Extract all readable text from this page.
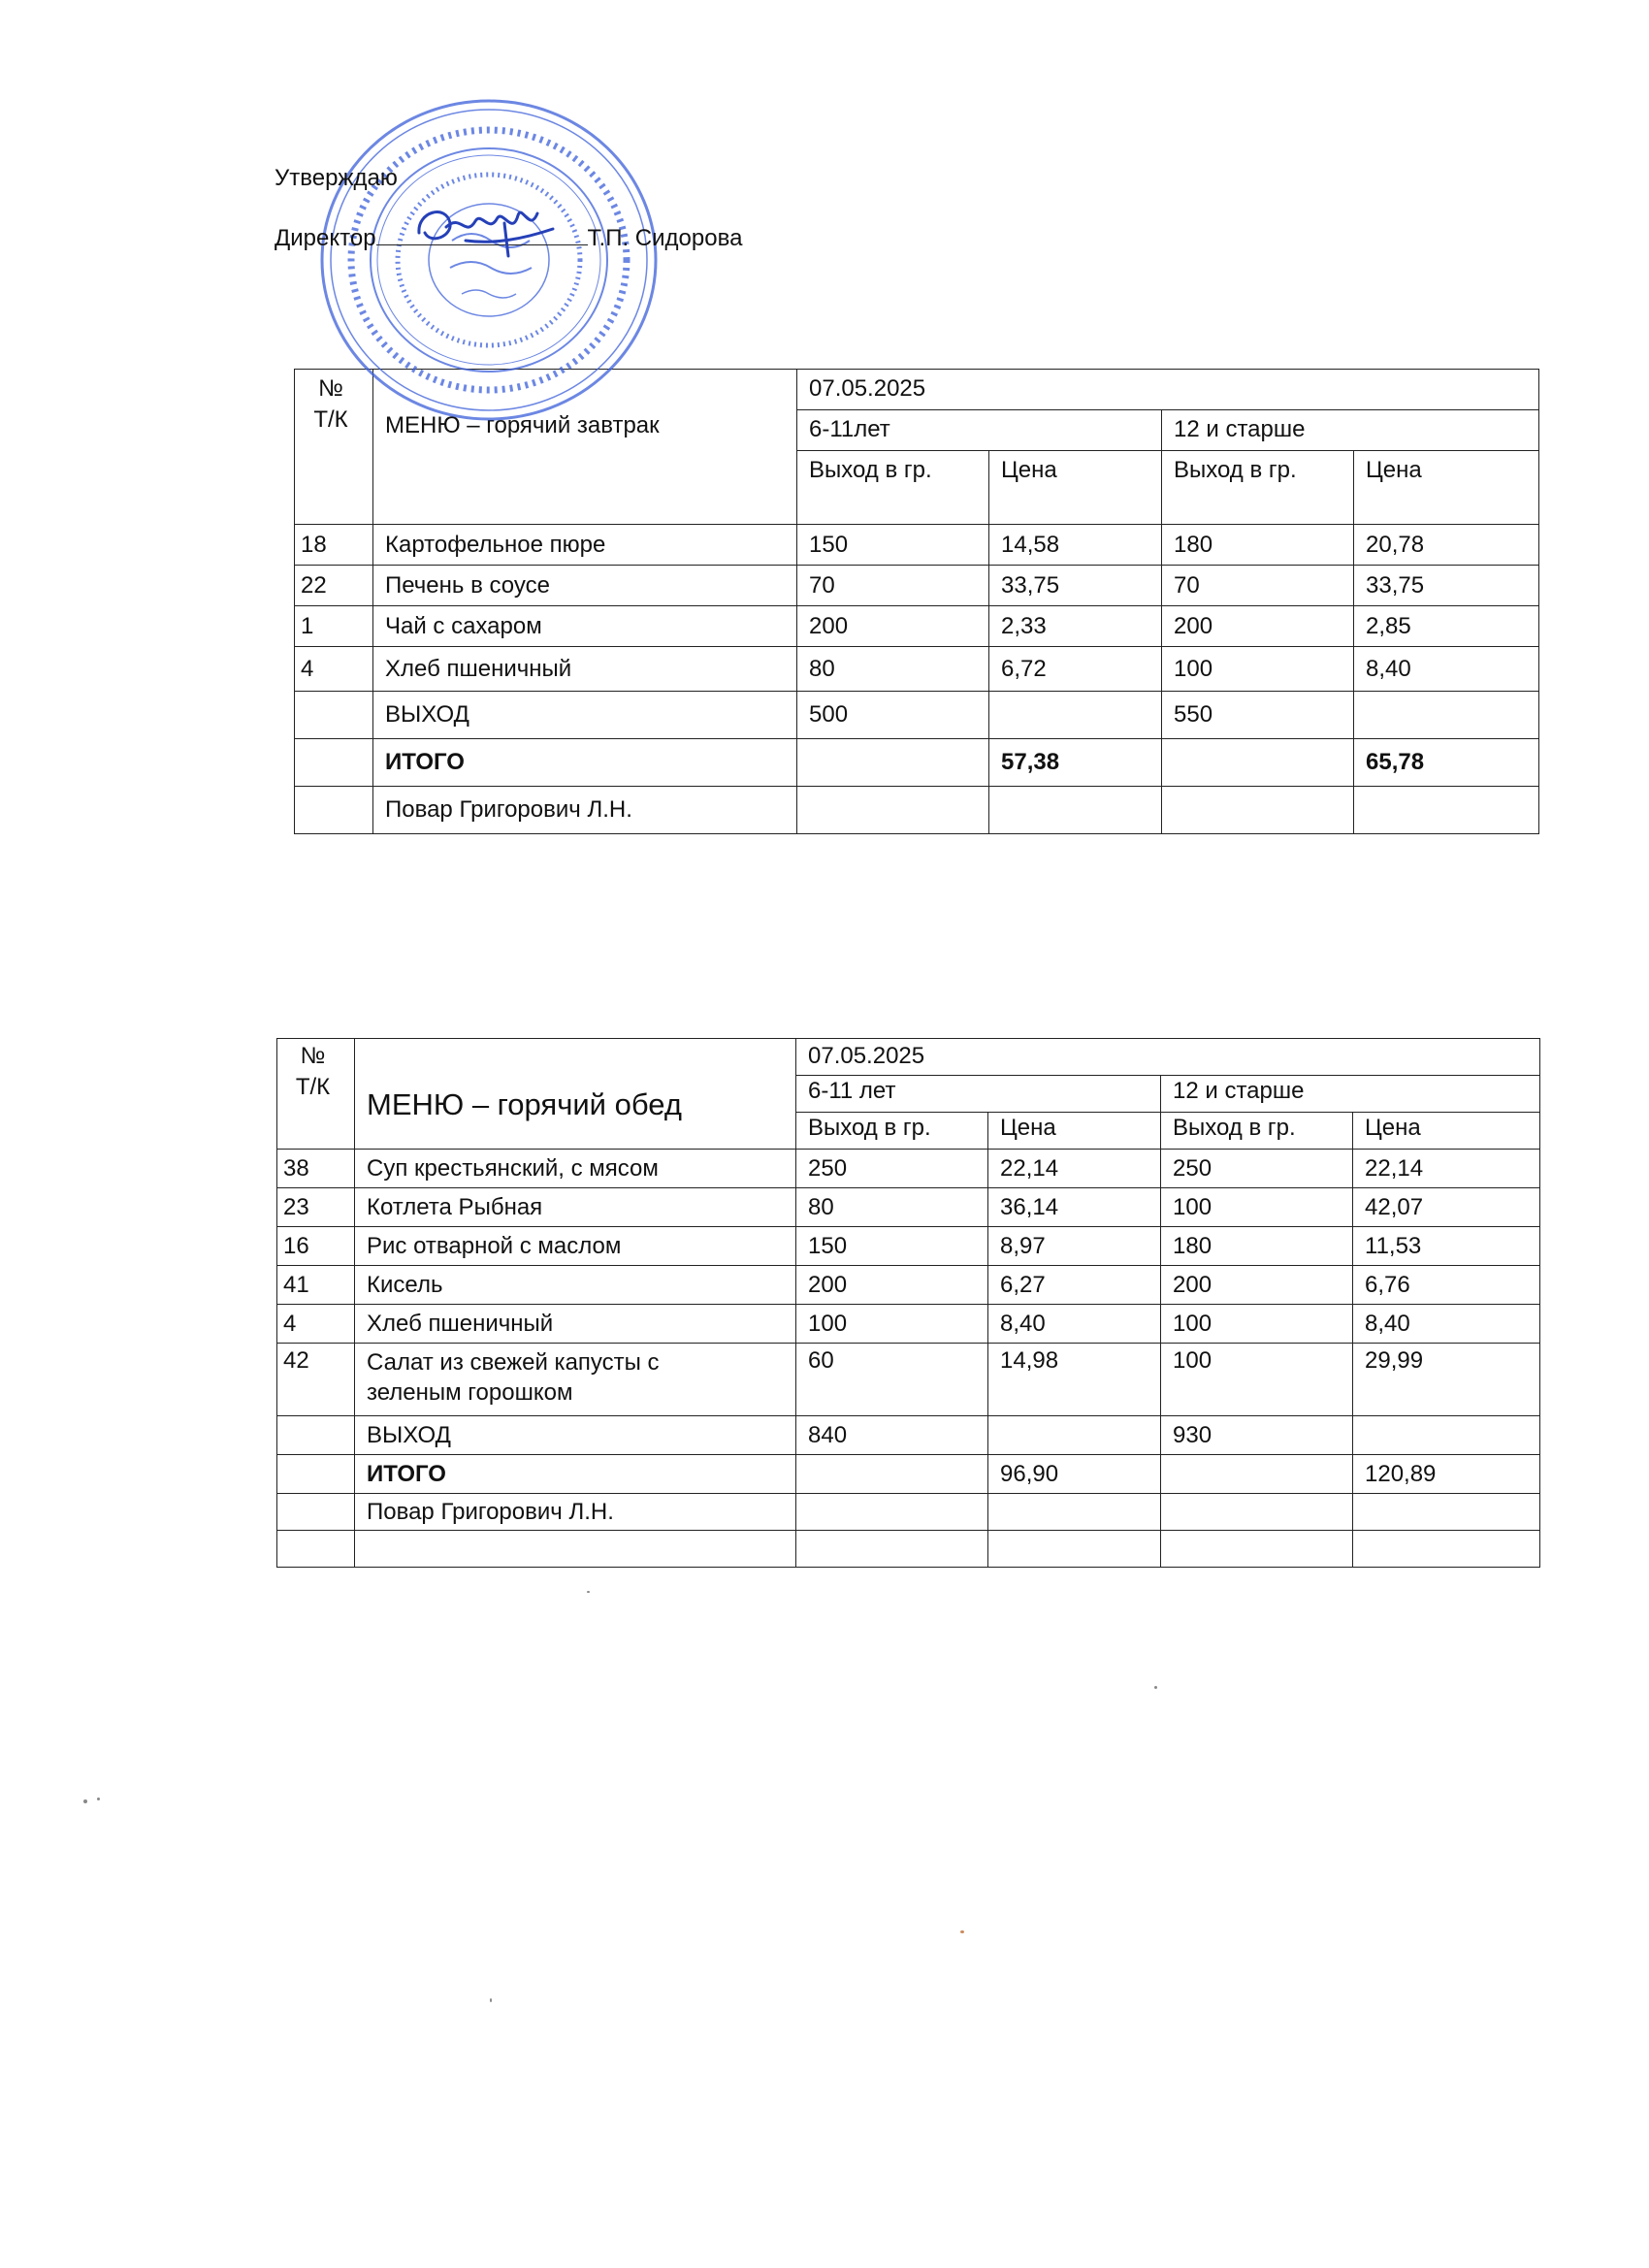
Утверждаю
Директор	Т.П. Сидорова
№ Т/К	МЕНЮ – горячий завтрак	07.05.2025			
		6-11лет		12 и старше	
		Выход в гр.	Цена	Выход в гр.	Цена
18	Картофельное пюре	150	14,58	180	20,78
22	Печень в соусе	70	33,75	70	33,75
1	Чай с сахаром	200	2,33	200	2,85
4	Хлеб пшеничный	80	6,72	100	8,40
	ВЫХОД	500		550	
	ИТОГО		57,38		65,78
	Повар Григорович Л.Н.				
№ Т/К	МЕНЮ – горячий обед	07.05.2025			
		6-11 лет		12 и старше	
		Выход в гр.	Цена	Выход в гр.	Цена
38	Суп крестьянский, с мясом	250	22,14	250	22,14
23	Котлета Рыбная	80	36,14	100	42,07
16	Рис отварной с маслом	150	8,97	180	11,53
41	Кисель	200	6,27	200	6,76
4	Хлеб пшеничный	100	8,40	100	8,40
42	Салат из свежей капусты с зеленым горошком	60	14,98	100	29,99
	ВЫХОД	840		930	
	ИТОГО		96,90		120,89
	Повар Григорович Л.Н.				
